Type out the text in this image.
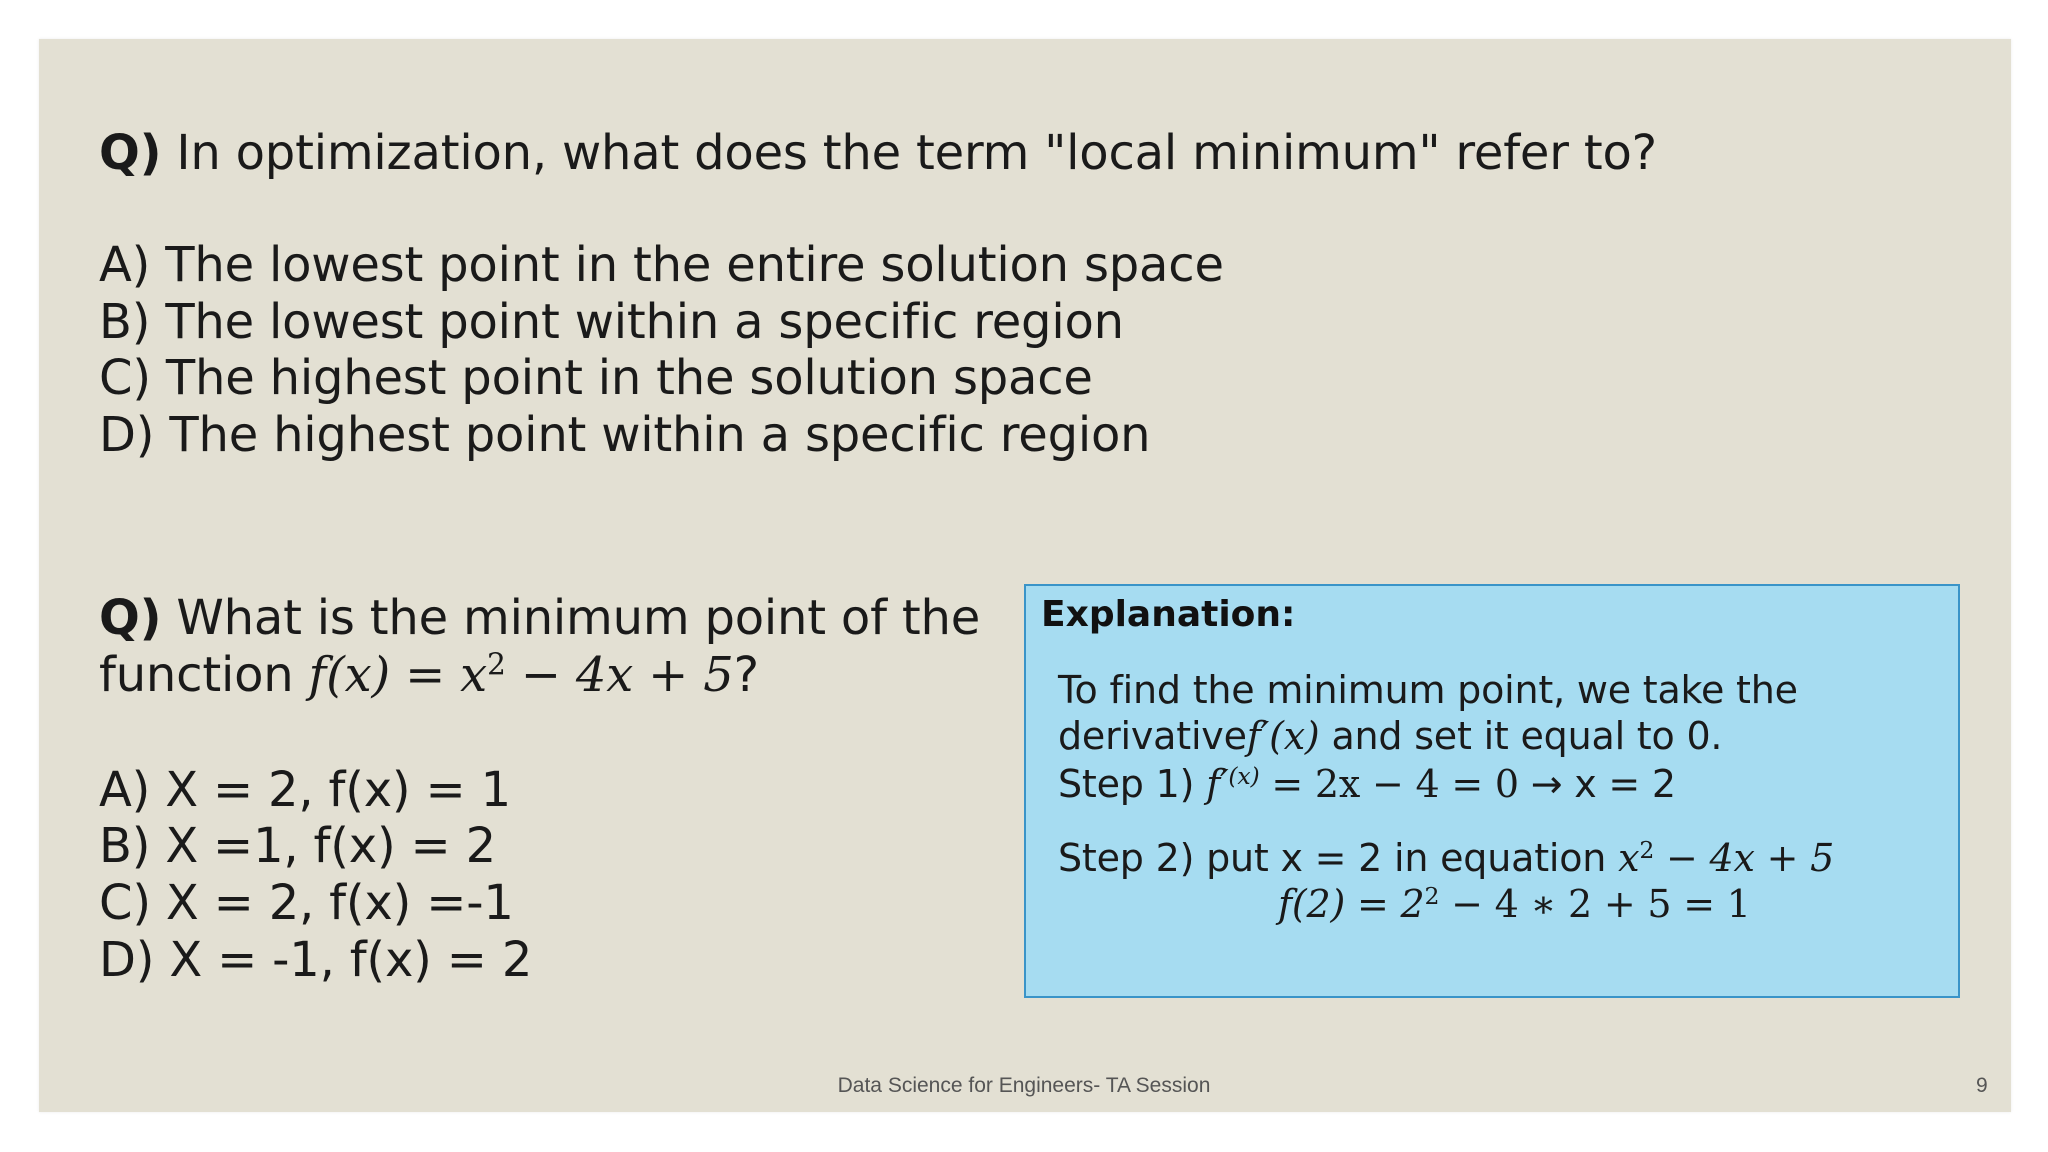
Q) In optimization, what does the term "local minimum" refer to?
A) The lowest point in the entire solution space
B) The lowest point within a specific region
C) The highest point in the solution space
D) The highest point within a specific region
Q) What is the minimum point of the
function $f(x) = x^2 - 4x + 5$?
A) X = 2, f(x) = 1
B) X =1, f(x) = 2
C) X = 2, f(x) =-1
D) X = -1, f(x) = 2
Explanation:
To find the minimum point, we take the
derivativef′(x) and set it equal to 0.
Step 1) $f'^{(x)} = 2x - 4 = 0 \to x = 2$
Step 2) put x = 2 in equation $x^2 - 4x + 5$
$f(2) = 2^2 - 4$ ∗ 2 + 5 = 1
Data Science for Engineers- TA Session	9
